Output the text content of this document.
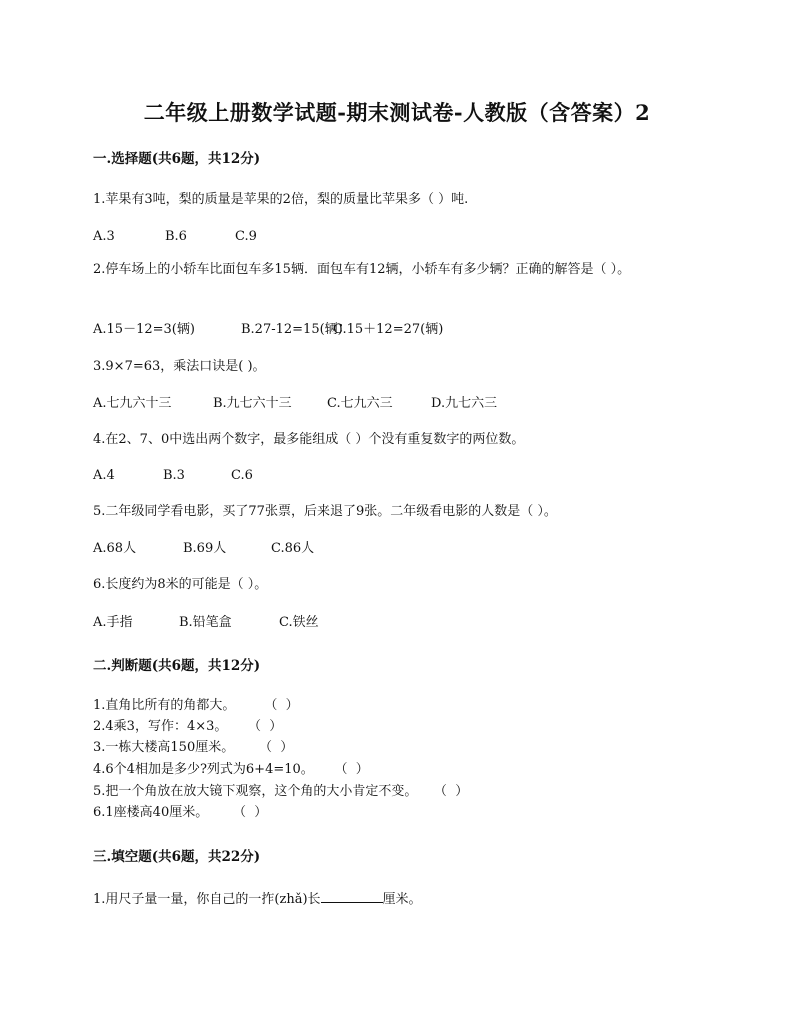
二年级上册数学试题-期末测试卷-人教版（含答案）2
一.选择题(共6题，共12分)
1.苹果有3吨，梨的质量是苹果的2倍，梨的质量比苹果多（ ）吨.
A.3	B.6	C.9
2.停车场上的小轿车比面包车多15辆．面包车有12辆，小轿车有多少辆？正确的解答是（ ）。
A.15－12=3(辆)	B.27-12=15(辆)C.15＋12=27(辆)
3.9×7=63，乘法口诀是( )。
A.七九六十三	B.九七六十三	C.七九六三	D.九七六三
4.在2、7、0中选出两个数字，最多能组成（ ）个没有重复数字的两位数。
A.4	B.3	C.6
5.二年级同学看电影，买了77张票，后来退了9张。二年级看电影的人数是（ ）。
A.68人	B.69人	C.86人
6.长度约为8米的可能是（ ）。
A.手指	B.铅笔盒	C.铁丝
二.判断题(共6题，共12分)
1.直角比所有的角都大。       （  ）
2.4乘3，写作：4×3。     （  ）
3.一栋大楼高150厘米。      （  ）
4.6个4相加是多少?列式为6+4=10。     （  ）
5.把一个角放在放大镜下观察，这个角的大小肯定不变。    （  ）
6.1座楼高40厘米。      （  ）
三.填空题(共6题，共22分)
1.用尺子量一量，你自己的一拃(zhǎ)长	厘米。
